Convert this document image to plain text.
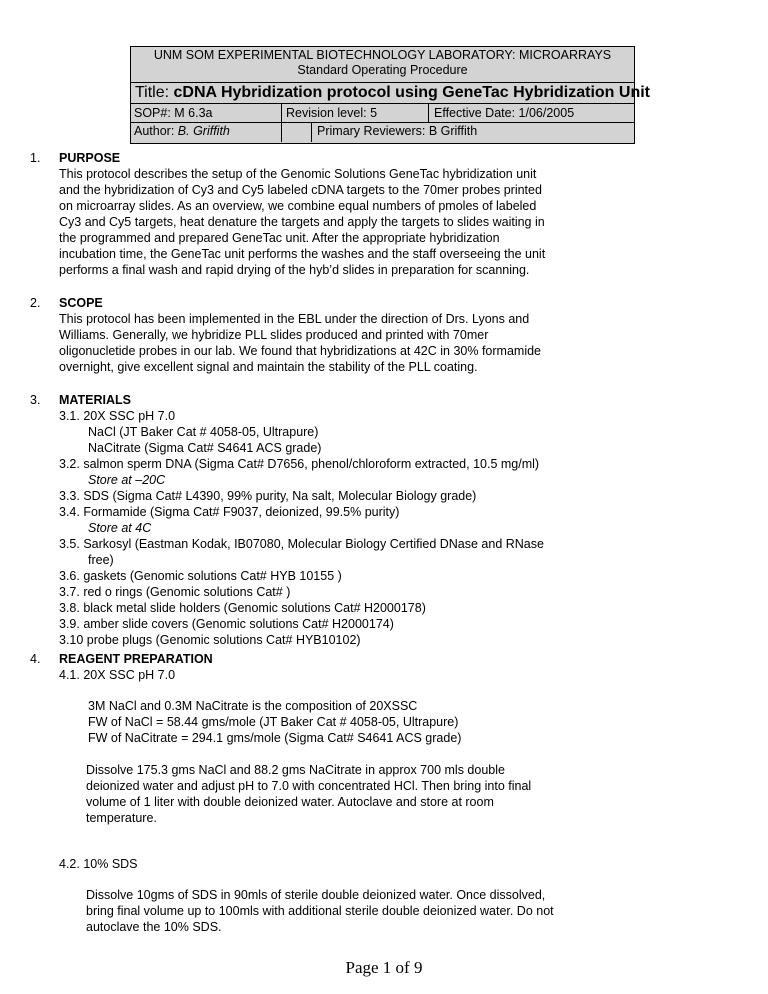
UNM SOM EXPERIMENTAL BIOTECHNOLOGY LABORATORY: MICROARRAYS
Standard Operating Procedure
Title: cDNA Hybridization protocol using GeneTac Hybridization Unit
SOP#: M 6.3a	Revision level: 5	Effective Date: 1/06/2005
Author: B. Griffith	Primary Reviewers: B Griffith
1. PURPOSE
This protocol describes the setup of the Genomic Solutions GeneTac hybridization unit
and the hybridization of Cy3 and Cy5 labeled cDNA targets to the 70mer probes printed
on microarray slides. As an overview, we combine equal numbers of pmoles of labeled
Cy3 and Cy5 targets, heat denature the targets and apply the targets to slides waiting in
the programmed and prepared GeneTac unit. After the appropriate hybridization
incubation time, the GeneTac unit performs the washes and the staff overseeing the unit
performs a final wash and rapid drying of the hyb’d slides in preparation for scanning.
2. SCOPE
This protocol has been implemented in the EBL under the direction of Drs. Lyons and
Williams. Generally, we hybridize PLL slides produced and printed with 70mer
oligonucletide probes in our lab. We found that hybridizations at 42C in 30% formamide
overnight, give excellent signal and maintain the stability of the PLL coating.
3. MATERIALS
3.1. 20X SSC pH 7.0
NaCl (JT Baker Cat # 4058-05, Ultrapure)
NaCitrate (Sigma Cat# S4641 ACS grade)
3.2. salmon sperm DNA (Sigma Cat# D7656, phenol/chloroform extracted, 10.5 mg/ml)
Store at –20C
3.3. SDS (Sigma Cat# L4390, 99% purity, Na salt, Molecular Biology grade)
3.4. Formamide (Sigma Cat# F9037, deionized, 99.5% purity)
Store at 4C
3.5. Sarkosyl (Eastman Kodak, IB07080, Molecular Biology Certified DNase and RNase
free)
3.6. gaskets (Genomic solutions Cat# HYB 10155 )
3.7. red o rings (Genomic solutions Cat# )
3.8. black metal slide holders (Genomic solutions Cat# H2000178)
3.9. amber slide covers (Genomic solutions Cat# H2000174)
3.10 probe plugs (Genomic solutions Cat# HYB10102)
4. REAGENT PREPARATION
4.1. 20X SSC pH 7.0
3M NaCl and 0.3M NaCitrate is the composition of 20XSSC
FW of NaCl = 58.44 gms/mole (JT Baker Cat # 4058-05, Ultrapure)
FW of NaCitrate = 294.1 gms/mole (Sigma Cat# S4641 ACS grade)
Dissolve 175.3 gms NaCl and 88.2 gms NaCitrate in approx 700 mls double
deionized water and adjust pH to 7.0 with concentrated HCl. Then bring into final
volume of 1 liter with double deionized water. Autoclave and store at room
temperature.
4.2. 10% SDS
Dissolve 10gms of SDS in 90mls of sterile double deionized water. Once dissolved,
bring final volume up to 100mls with additional sterile double deionized water. Do not
autoclave the 10% SDS.
Page 1 of 9
